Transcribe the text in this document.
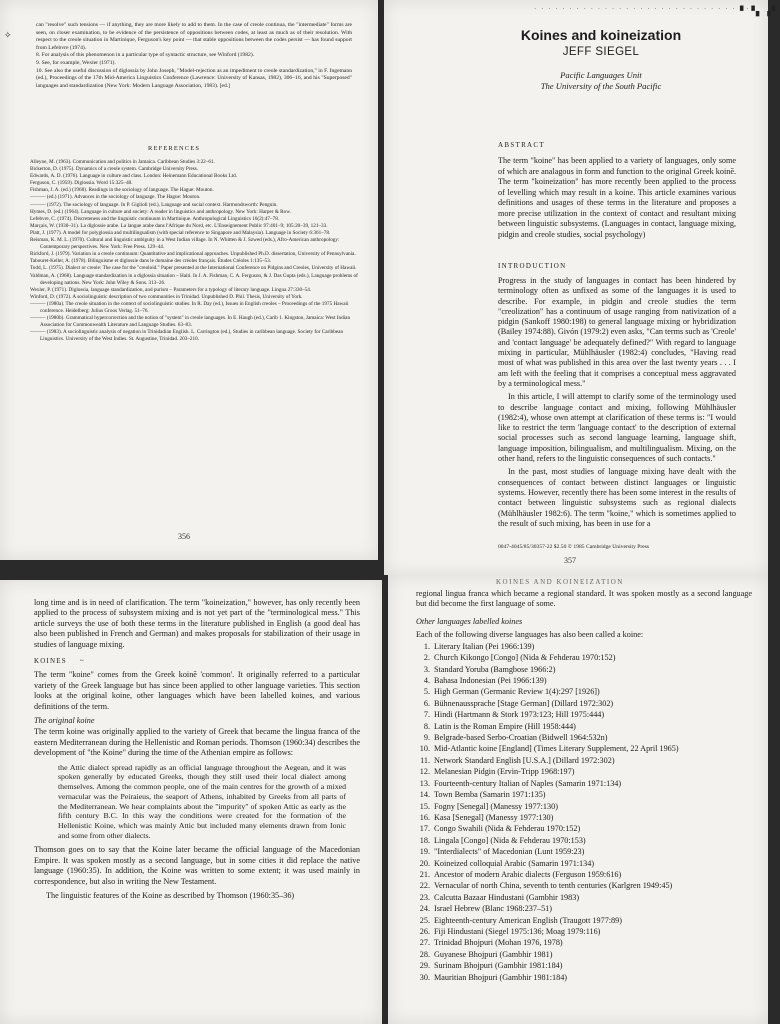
✧
can "resolve" such tensions — if anything, they are more likely to add to them. In the case of creole continua, the "intermediate" forms are seen, on closer examination, to be evidence of the persistence of oppositions between codes, at least as much as of their resolution. With respect to the creole situation in Martinique, Ferguson's key point — that stable oppositions between the codes persist — has found support from Lefebvre (1974).
8. For analysis of this phenomenon in a particular type of syntactic structure, see Winford (1982).
9. See, for example, Wexler (1971).
10. See also the useful discussion of diglossia by John Joseph, "Model-rejection as an impediment to creole standardization," in F. Ingemann (ed.), Proceedings of the 17th Mid-America Linguistics Conference (Lawrence: University of Kansas, 1982), 306–16, and his "Superposed" languages and standardization (New York: Modern Language Association, 1983). [ed.]
REFERENCES
Alleyne, M. (1963). Communication and politics in Jamaica. Caribbean Studies 3:22–61.
Bickerton, D. (1975). Dynamics of a creole system. Cambridge University Press.
Edwards, A. D. (1976). Language in culture and class. London: Heinemann Educational Books Ltd.
Ferguson, C. (1959). Diglossia. Word 15:325–40.
Fishman, J. A. (ed.) (1968). Readings in the sociology of language. The Hague: Mouton.
——— (ed.) (1971). Advances in the sociology of language. The Hague: Mouton.
——— (1972). The sociology of language. In P. Giglioli (ed.), Language and social context. Harmondsworth: Penguin.
Hymes, D. (ed.) (1964). Language in culture and society: A reader in linguistics and anthropology. New York: Harper & Row.
Lefebvre, C. (1974). Discreteness and the linguistic continuum in Martinique. Anthropological Linguistics 16(2):47–78.
Marçais, W. (1930–31). La diglossie arabe. La langue arabe dans l'Afrique du Nord, etc. L'Enseignement Public 97:401–9; 105:20–39, 121–33.
Platt, J. (1977). A model for polyglossia and multilingualism (with special reference to Singapore and Malaysia). Language in Society 6:361–78.
Reisman, K. M. L. (1970). Cultural and linguistic ambiguity in a West Indian village. In N. Whitten & J. Szwed (eds.), Afro-American anthropology: Contemporary perspectives. New York: Free Press. 129–44.
Rickford, J. (1979). Variation in a creole continuum: Quantitative and implicational approaches. Unpublished Ph.D. dissertation, University of Pennsylvania.
Tabouret-Keller, A. (1978). Bilinguisme et diglossie dans le domaine des créoles français. Études Créoles 1:135–53.
Todd, L. (1975). Dialect or creole: The case for the "creoloid." Paper presented at the International Conference on Pidgins and Creoles, University of Hawaii.
Valdman, A. (1968). Language standardization in a diglossia situation – Haiti. In J. A. Fishman, C. A. Ferguson, & J. Das Gupta (eds.), Language problems of developing nations. New York: John Wiley & Sons. 313–26.
Wexler, P. (1971). Diglossia, language standardization, and purism – Parameters for a typology of literary language. Lingua 27:330–54.
Winford, D. (1972). A sociolinguistic description of two communities in Trinidad. Unpublished D. Phil. Thesis, University of York.
——— (1980a). The creole situation in the context of sociolinguistic studies. In R. Day (ed.), Issues in English creoles – Proceedings of the 1975 Hawaii conference. Heidelberg: Julius Groos Verlag. 51–76.
——— (1980b). Grammatical hypercorrection and the notion of "system" in creole languages. In E. Haugh (ed.), Carib 1. Kingston, Jamaica: West Indian Association for Commonwealth Literature and Language Studies. 63–83.
——— (1983). A sociolinguistic analysis of negation in Trinidadian English. L. Carrington (ed.), Studies in caribbean language. Society for Caribbean Linguistics. University of the West Indies. St. Augustine, Trinidad. 203–210.
356
· · · · · · · · · · · · · · · · · · · · · · · · · · · · · · ·
▘▝▖▗▘
Koines and koineization
JEFF SIEGEL
Pacific Languages Unit
The University of the South Pacific
ABSTRACT

The term "koine" has been applied to a variety of languages, only some of which are analagous in form and function to the original Greek koinē. The term "koineization" has more recently been applied to the process of levelling which may result in a koine. This article examines various definitions and usages of these terms in the literature and proposes a more precise utilization in the context of contact and resultant mixing between linguistic subsystems. (Languages in contact, language mixing, pidgin and creole studies, social psychology)

INTRODUCTION

Progress in the study of languages in contact has been hindered by terminology often as unfixed as some of the languages it is used to describe. For example, in pidgin and creole studies the term "creolization" has a continuum of usage ranging from nativization of a pidgin (Sankoff 1980:198) to general language mixing or hybridization (Bailey 1974:88). Givón (1979:2) even asks, "Can terms such as 'Creole' and 'contact language' be adequately defined?" With regard to language mixing in particular, Mühlhäusler (1982:4) concludes, "Having read most of what was published in this area over the last twenty years . . . I am left with the feeling that it comprises a conceptual mess aggravated by a terminological mess."

In this article, I will attempt to clarify some of the terminology used to describe language contact and mixing, following Mühlhäusler (1982:4), whose own attempt at clarification of these terms is: "I would like to restrict the term 'language contact' to the description of external social processes such as second language learning, language shift, language imposition, bilingualism, and multilingualism. Mixing, on the other hand, refers to the linguistic consequences of such contacts."

In the past, most studies of language mixing have dealt with the consequences of contact between distinct languages or linguistic systems. However, recently there has been some interest in the results of contact between linguistic subsystems such as regional dialects (Mühlhäusler 1982:6). The term "koine," which is sometimes applied to the result of such mixing, has been in use for a

0047-4045/85/30357-22 $2.50 © 1985 Cambridge University Press
357

long time and is in need of clarification. The term "koineization," however, has only recently been applied to the process of subsystem mixing and is not yet part of the "terminological mess." This article surveys the use of both these terms in the literature published in English (a good deal has also been published in French and German) and makes proposals for stabilization of their usage in studies of language mixing.

KOINES ~

The term "koine" comes from the Greek koinē 'common'. It originally referred to a particular variety of the Greek language but has since been applied to other language varieties. This section looks at the original koine, other languages which have been labelled koines, and various definitions of the term.

The original koine

The term koine was originally applied to the variety of Greek that became the lingua franca of the eastern Mediterranean during the Hellenistic and Roman periods. Thomson (1960:34) describes the development of "the Koine" during the time of the Athenian empire as follows:

the Attic dialect spread rapidly as an official language throughout the Aegean, and it was spoken generally by educated Greeks, though they still used their local dialect among themselves. Among the common people, one of the main centres for the growth of a mixed vernacular was the Peiraieus, the seaport of Athens, inhabited by Greeks from all parts of the Mediterranean. We hear complaints about the "impurity" of spoken Attic as early as the fifth century B.C. In this way the conditions were created for the formation of the Hellenistic Koine, which was mainly Attic but included many elements drawn from Ionic and some from other dialects.

Thomson goes on to say that the Koine later became the official language of the Macedonian Empire. It was spoken mostly as a second language, but in some cities it did replace the native language (1960:35). In addition, the Koine was written to some extent; it was used mainly in correspondence, but also in writing the New Testament.

The linguistic features of the Koine as described by Thomson (1960:35–36)

KOINES AND KOINEIZATION

regional lingua franca which became a regional standard. It was spoken mostly as a second language but did become the first language of some.

Other languages labelled koines
Each of the following diverse languages has also been called a koine:
1. Literary Italian (Pei 1966:139)
2. Church Kikongo [Congo] (Nida & Fehderau 1970:152)
3. Standard Yoruba (Bamgbose 1966:2)
4. Bahasa Indonesian (Pei 1966:139)
5. High German (Germanic Review 1(4):297 [1926])
6. Bühnenaussprache [Stage German] (Dillard 1972:302)
7. Hindi (Hartmann & Stork 1973:123; Hill 1975:444)
8. Latin is the Roman Empire (Hill 1958:444)
9. Belgrade-based Serbo-Croatian (Bidwell 1964:532n)
10. Mid-Atlantic koine [England] (Times Literary Supplement, 22 April 1965)
11. Network Standard English [U.S.A.] (Dillard 1972:302)
12. Melanesian Pidgin (Ervin-Tripp 1968:197)
13. Fourteenth-century Italian of Naples (Samarin 1971:134)
14. Town Bemba (Samarin 1971:135)
15. Fogny [Senegal] (Manessy 1977:130)
16. Kasa [Senegal] (Manessy 1977:130)
17. Congo Swahili (Nida & Fehderau 1970:152)
18. Lingala [Congo] (Nida & Fehderau 1970:153)
19. "Interdialects" of Macedonian (Lunt 1959:23)
20. Koineized colloquial Arabic (Samarin 1971:134)
21. Ancestor of modern Arabic dialects (Ferguson 1959:616)
22. Vernacular of north China, seventh to tenth centuries (Karlgren 1949:45)
23. Calcutta Bazaar Hindustani (Gambhir 1983)
24. Israel Hebrew (Blanc 1968:237–51)
25. Eighteenth-century American English (Traugott 1977:89)
26. Fiji Hindustani (Siegel 1975:136; Moag 1979:116)
27. Trinidad Bhojpuri (Mohan 1976, 1978)
28. Guyanese Bhojpuri (Gambhir 1981)
29. Surinam Bhojpuri (Gambhir 1981:184)
30. Mauritian Bhojpuri (Gambhir 1981:184)
